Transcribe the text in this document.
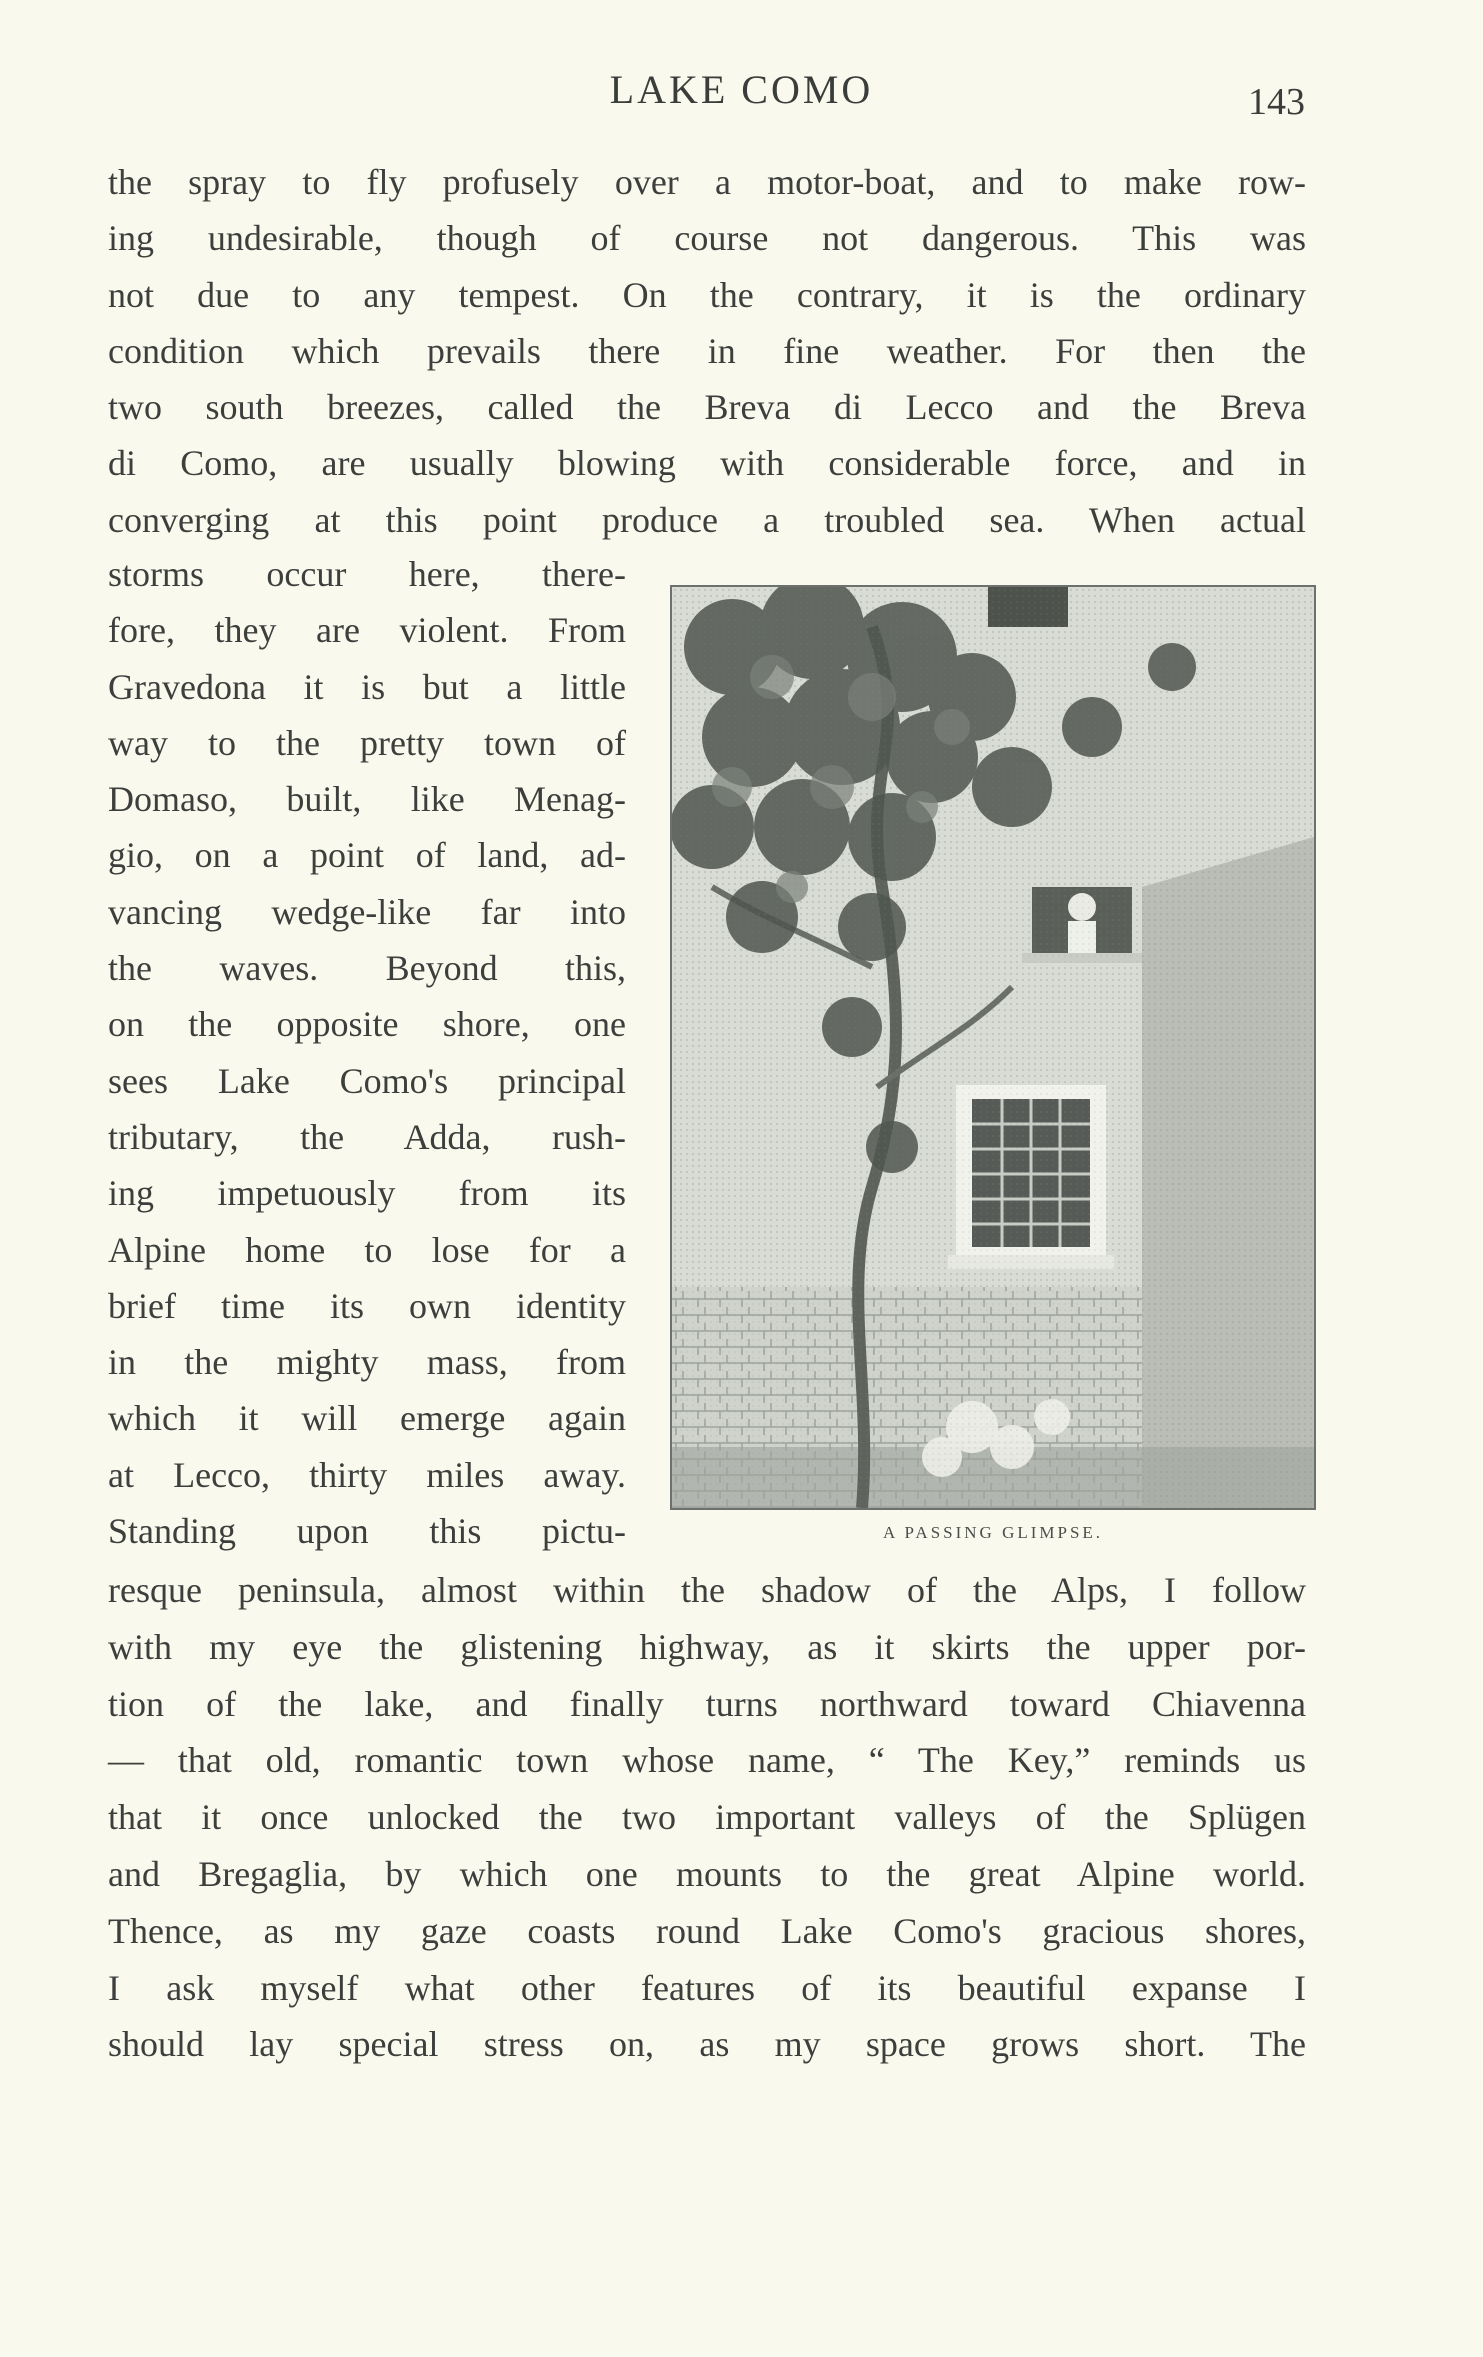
LAKE COMO	143
the spray to fly profusely over a motor-boat, and to make row-
ing undesirable, though of course not dangerous. This was
not due to any tempest. On the contrary, it is the ordinary
condition which prevails there in fine weather. For then the
two south breezes, called the Breva di Lecco and the Breva
di Como, are usually blowing with considerable force, and in
converging at this point produce a troubled sea. When actual
storms occur here, there-
fore, they are violent. From
Gravedona it is but a little
way to the pretty town of
Domaso, built, like Menag-
gio, on a point of land, ad-
vancing wedge-like far into
the waves. Beyond this,
on the opposite shore, one
sees Lake Como's principal
tributary, the Adda, rush-
ing impetuously from its
Alpine home to lose for a
brief time its own identity
in the mighty mass, from
which it will emerge again
at Lecco, thirty miles away.
Standing upon this pictu-	A PASSING GLIMPSE.
resque peninsula, almost within the shadow of the Alps, I follow
with my eye the glistening highway, as it skirts the upper por-
tion of the lake, and finally turns northward toward Chiavenna
— that old, romantic town whose name, “ The Key,” reminds us
that it once unlocked the two important valleys of the Splügen
and Bregaglia, by which one mounts to the great Alpine world.
Thence, as my gaze coasts round Lake Como's gracious shores,
I ask myself what other features of its beautiful expanse I
should lay special stress on, as my space grows short. The
